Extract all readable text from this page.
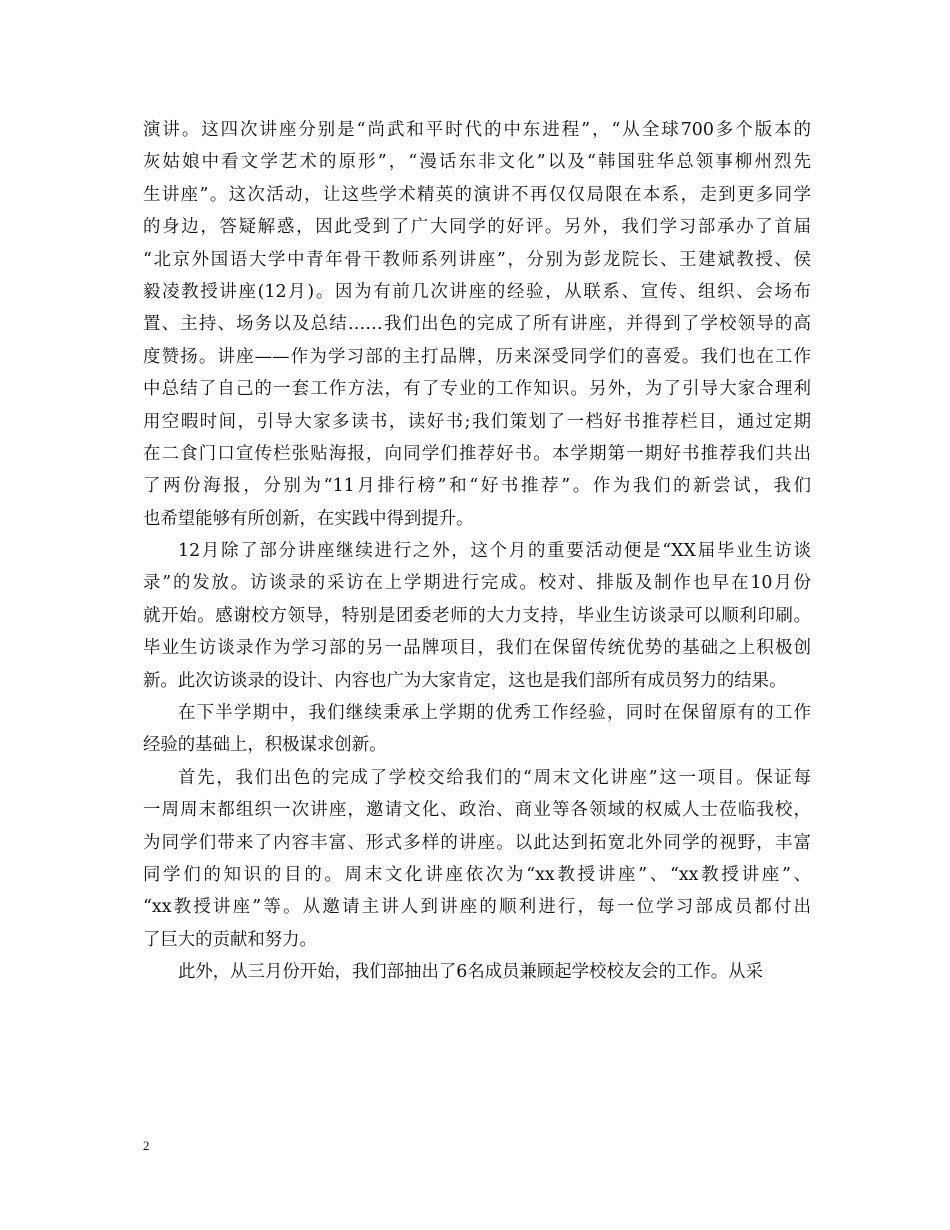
演讲。这四次讲座分别是“尚武和平时代的中东进程”，“从全球700多个版本的
灰姑娘中看文学艺术的原形”，“漫话东非文化”以及“韩国驻华总领事柳州烈先
生讲座”。这次活动，让这些学术精英的演讲不再仅仅局限在本系，走到更多同学
的身边，答疑解惑，因此受到了广大同学的好评。另外，我们学习部承办了首届
“北京外国语大学中青年骨干教师系列讲座”，分别为彭龙院长、王建斌教授、侯
毅凌教授讲座(12月)。因为有前几次讲座的经验，从联系、宣传、组织、会场布
置、主持、场务以及总结……我们出色的完成了所有讲座，并得到了学校领导的高
度赞扬。讲座——作为学习部的主打品牌，历来深受同学们的喜爱。我们也在工作
中总结了自己的一套工作方法，有了专业的工作知识。另外，为了引导大家合理利
用空暇时间，引导大家多读书，读好书;我们策划了一档好书推荐栏目，通过定期
在二食门口宣传栏张贴海报，向同学们推荐好书。本学期第一期好书推荐我们共出
了两份海报，分别为“11月排行榜”和“好书推荐”。作为我们的新尝试，我们
也希望能够有所创新，在实践中得到提升。
12月除了部分讲座继续进行之外，这个月的重要活动便是“XX届毕业生访谈
录”的发放。访谈录的采访在上学期进行完成。校对、排版及制作也早在10月份
就开始。感谢校方领导，特别是团委老师的大力支持，毕业生访谈录可以顺利印刷。
毕业生访谈录作为学习部的另一品牌项目，我们在保留传统优势的基础之上积极创
新。此次访谈录的设计、内容也广为大家肯定，这也是我们部所有成员努力的结果。
在下半学期中，我们继续秉承上学期的优秀工作经验，同时在保留原有的工作
经验的基础上，积极谋求创新。
首先，我们出色的完成了学校交给我们的“周末文化讲座”这一项目。保证每
一周周末都组织一次讲座，邀请文化、政治、商业等各领域的权威人士莅临我校，
为同学们带来了内容丰富、形式多样的讲座。以此达到拓宽北外同学的视野，丰富
同学们的知识的目的。周末文化讲座依次为“xx教授讲座”、“xx教授讲座”、
“xx教授讲座”等。从邀请主讲人到讲座的顺利进行，每一位学习部成员都付出
了巨大的贡献和努力。
此外，从三月份开始，我们部抽出了6名成员兼顾起学校校友会的工作。从采
2
